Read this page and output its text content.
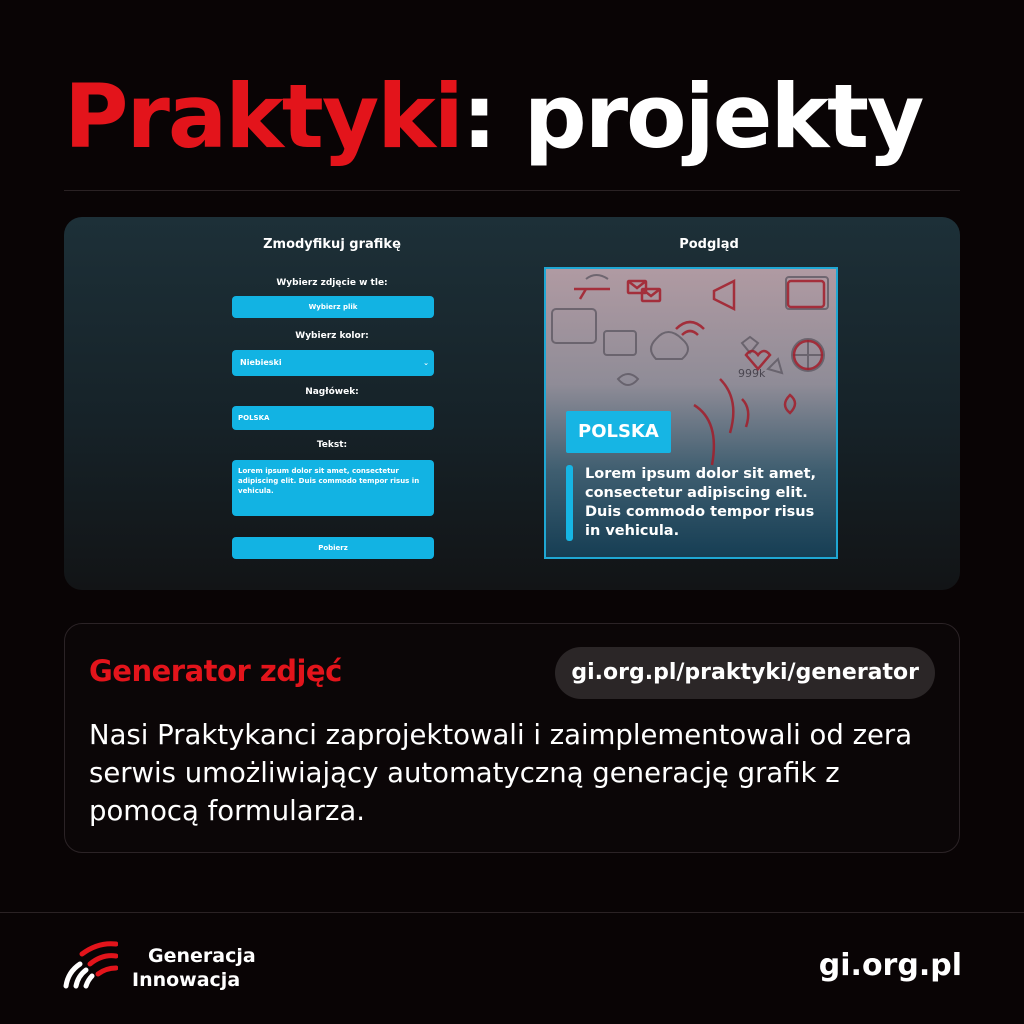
Praktyki: projekty
Zmodyfikuj grafikę	Podgląd
Wybierz zdjęcie w tle:
Wybierz plik
Wybierz kolor:
Niebieski	⌄
Nagłówek:
POLSKA
Tekst:
Lorem ipsum dolor sit amet, consectetur adipiscing elit. Duis commodo tempor risus in vehicula.
Pobierz
999k
POLSKA
Lorem ipsum dolor sit amet, consectetur adipiscing elit. Duis commodo tempor risus in vehicula.
Generator zdjęć	gi.org.pl/praktyki/generator
Nasi Praktykanci zaprojektowali i zaimplementowali od zera serwis umożliwiający automatyczną generację grafik z pomocą formularza.
Generacja
Innowacja	gi.org.pl
